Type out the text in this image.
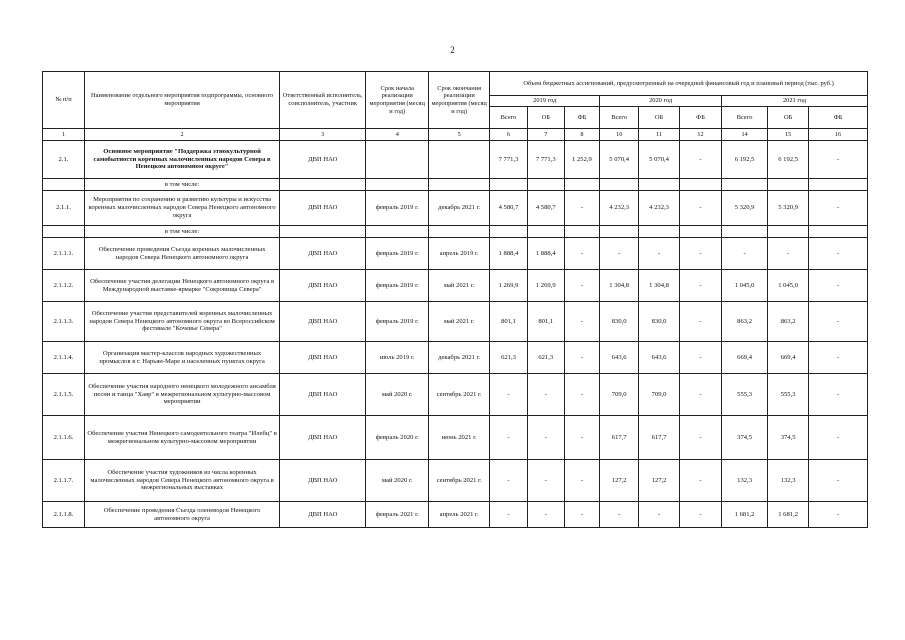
2
№ п/п	Наименование отдельного мероприятия подпрограммы, основного мероприятия	Ответственный исполнитель, соисполнитель, участник	Срок начала реализации мероприятия (месяц и год)	Срок окончания реализации мероприятия (месяц и год)	Объем бюджетных ассигнований, предусмотренный на очередной финансовый год и плановый период (тыс. руб.)								
					2019 год			2020 год			2021 год		
					Всего	ОБ	ФБ	Всего	ОБ	ФБ	Всего	ОБ	ФБ
1	2	3	4	5	6	7	8	10	11	12	14	15	16
2.1.	Основное мероприятие "Поддержка этнокультурной самобытности коренных малочисленных народов Севера в Ненецком автономном округе"	ДВП НАО			7 771,3	7 771,3	1 252,9	5 070,4	5 070,4	-	6 192,5	6 192,5	-
	в том числе:												
2.1.1.	Мероприятия по сохранению и развитию культуры и искусства коренных малочисленных народов Севера Ненецкого автономного округа	ДВП НАО	февраль 2019 г.	декабрь 2021 г.	4 580,7	4 580,7	-	4 232,3	4 232,3	-	5 320,9	5 320,9	-
	в том числе:												
2.1.1.1.	Обеспечение проведения Съезда коренных малочисленных народов Севера Ненецкого автономного округа	ДВП НАО	февраль 2019 г.	апрель 2019 г.	1 888,4	1 888,4	-	-	-	-	-	-	-
2.1.1.2.	Обеспечение участия делегации Ненецкого автономного округа в Международной выставке-ярмарке "Сокровища Севера"	ДВП НАО	февраль 2019 г.	май 2021 г.	1 269,9	1 269,9	-	1 304,8	1 304,8	-	1 045,0	1 045,0	-
2.1.1.3.	Обеспечение участия представителей коренных малочисленных народов Севера Ненецкого автономного округа во Всероссийском фестивале "Кочевье Севера"	ДВП НАО	февраль 2019 г.	май 2021 г.	801,1	801,1	-	830,0	830,0	-	863,2	863,2	-
2.1.1.4.	Организация мастер-классов народных художественных промыслов в г. Нарьян-Маре и населенных пунктах округа	ДВП НАО	июль 2019 г.	декабрь 2021 г.	621,3	621,3	-	643,6	643,6	-	669,4	669,4	-
2.1.1.5.	Обеспечение участия народного ненецкого молодежного ансамбля песни и танца "Хаяр" в межрегиональном культурно-массовом мероприятии	ДВП НАО	май 2020 г.	сентябрь 2021 г.	-	-	-	709,0	709,0	-	555,3	555,3	-
2.1.1.6.	Обеспечение участия Ненецкого самодеятельного театра "Илебц" в межрегиональном культурно-массовом мероприятии	ДВП НАО	февраль 2020 г.	июнь 2021 г.	-	-	-	617,7	617,7	-	374,5	374,5	-
2.1.1.7.	Обеспечение участия художников из числа коренных малочисленных народов Севера Ненецкого автономного округа в межрегиональных выставках	ДВП НАО	май 2020 г.	сентябрь 2021 г.	-	-	-	127,2	127,2	-	132,3	132,3	-
2.1.1.8.	Обеспечение проведения Съезда оленеводов Ненецкого автономного округа	ДВП НАО	февраль 2021 г.	апрель 2021 г.	-	-	-	-	-	-	1 681,2	1 681,2	-
